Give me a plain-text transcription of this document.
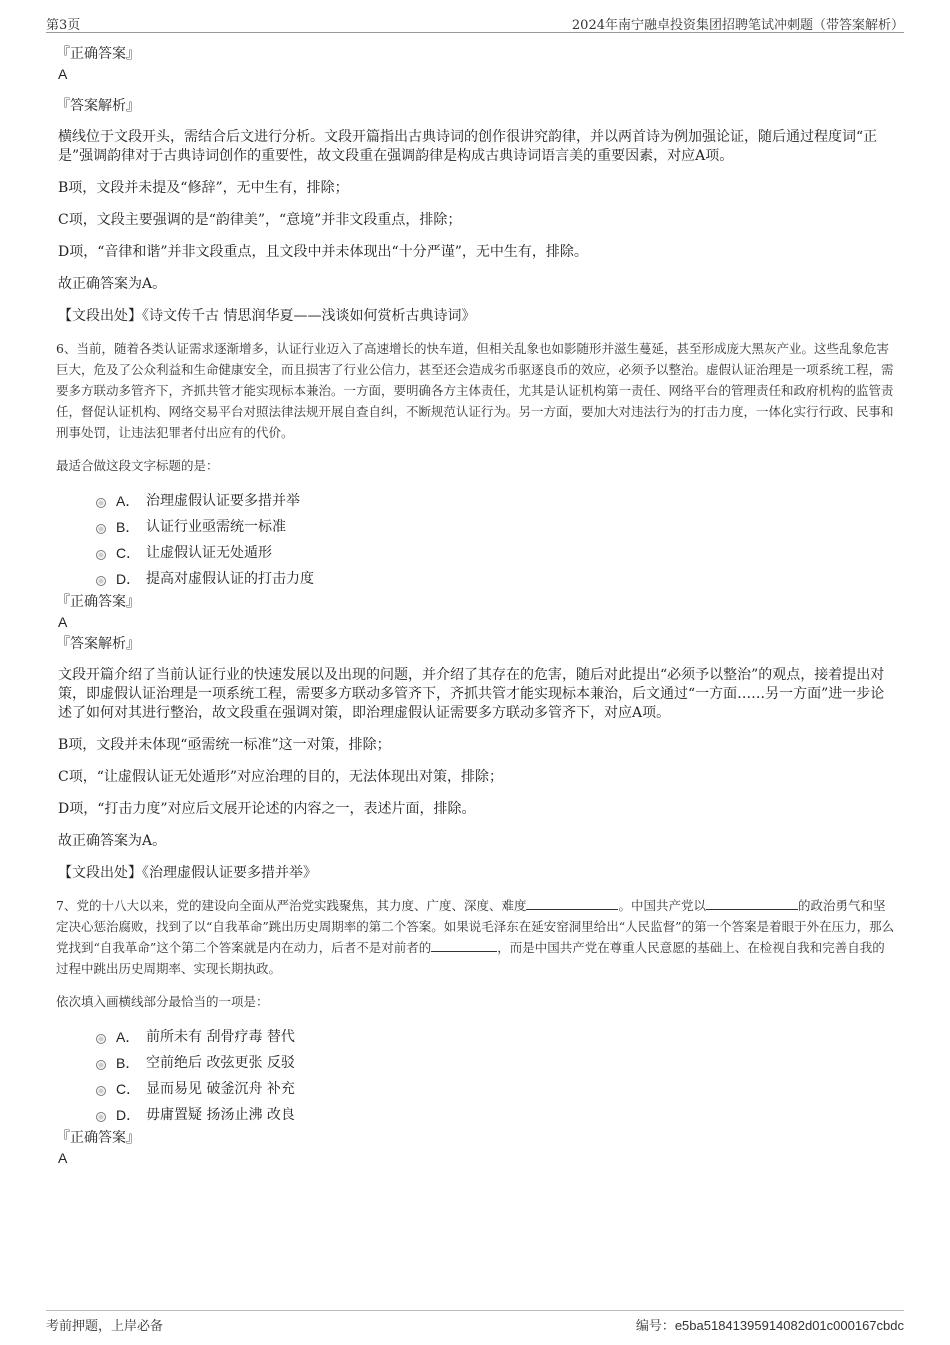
第3页	2024年南宁融卓投资集团招聘笔试冲刺题（带答案解析）

『正确答案』

A

『答案解析』

横线位于文段开头，需结合后文进行分析。文段开篇指出古典诗词的创作很讲究韵律，并以两首诗为例加强论证，随后通过程度词“正是”强调韵律对于古典诗词创作的重要性，故文段重在强调韵律是构成古典诗词语言美的重要因素，对应A项。

B项，文段并未提及“修辞”，无中生有，排除；

C项，文段主要强调的是“韵律美”，“意境”并非文段重点，排除；

D项，“音律和谐”并非文段重点，且文段中并未体现出“十分严谨”，无中生有，排除。

故正确答案为A。

【文段出处】《诗文传千古 情思润华夏——浅谈如何赏析古典诗词》

6、当前，随着各类认证需求逐渐增多，认证行业迈入了高速增长的快车道，但相关乱象也如影随形并滋生蔓延，甚至形成庞大黑灰产业。这些乱象危害巨大，危及了公众利益和生命健康安全，而且损害了行业公信力，甚至还会造成劣币驱逐良币的效应，必须予以整治。虚假认证治理是一项系统工程，需要多方联动多管齐下，齐抓共管才能实现标本兼治。一方面，要明确各方主体责任，尤其是认证机构第一责任、网络平台的管理责任和政府机构的监管责任，督促认证机构、网络交易平台对照法律法规开展自查自纠，不断规范认证行为。另一方面，要加大对违法行为的打击力度，一体化实行行政、民事和刑事处罚，让违法犯罪者付出应有的代价。

最适合做这段文字标题的是：

A． 治理虚假认证要多措并举
B． 认证行业亟需统一标准
C． 让虚假认证无处遁形
D． 提高对虚假认证的打击力度

『正确答案』

A

『答案解析』

文段开篇介绍了当前认证行业的快速发展以及出现的问题，并介绍了其存在的危害，随后对此提出“必须予以整治”的观点，接着提出对策，即虚假认证治理是一项系统工程，需要多方联动多管齐下，齐抓共管才能实现标本兼治，后文通过“一方面……另一方面”进一步论述了如何对其进行整治，故文段重在强调对策，即治理虚假认证需要多方联动多管齐下，对应A项。

B项，文段并未体现“亟需统一标准”这一对策，排除；

C项，“让虚假认证无处遁形”对应治理的目的，无法体现出对策，排除；

D项，“打击力度”对应后文展开论述的内容之一，表述片面，排除。

故正确答案为A。

【文段出处】《治理虚假认证要多措并举》

7、党的十八大以来，党的建设向全面从严治党实践聚焦，其力度、广度、深度、难度	。中国共产党以	的政治勇气和坚定决心惩治腐败，找到了以“自我革命”跳出历史周期率的第二个答案。如果说毛泽东在延安窑洞里给出“人民监督”的第一个答案是着眼于外在压力，那么党找到“自我革命”这个第二个答案就是内在动力，后者不是对前者的	，而是中国共产党在尊重人民意愿的基础上、在检视自我和完善自我的过程中跳出历史周期率、实现长期执政。

依次填入画横线部分最恰当的一项是：

A． 前所未有 刮骨疗毒 替代
B． 空前绝后 改弦更张 反驳
C． 显而易见 破釜沉舟 补充
D． 毋庸置疑 扬汤止沸 改良

『正确答案』

A

考前押题，上岸必备	编号：e5ba51841395914082d01c000167cbdc
